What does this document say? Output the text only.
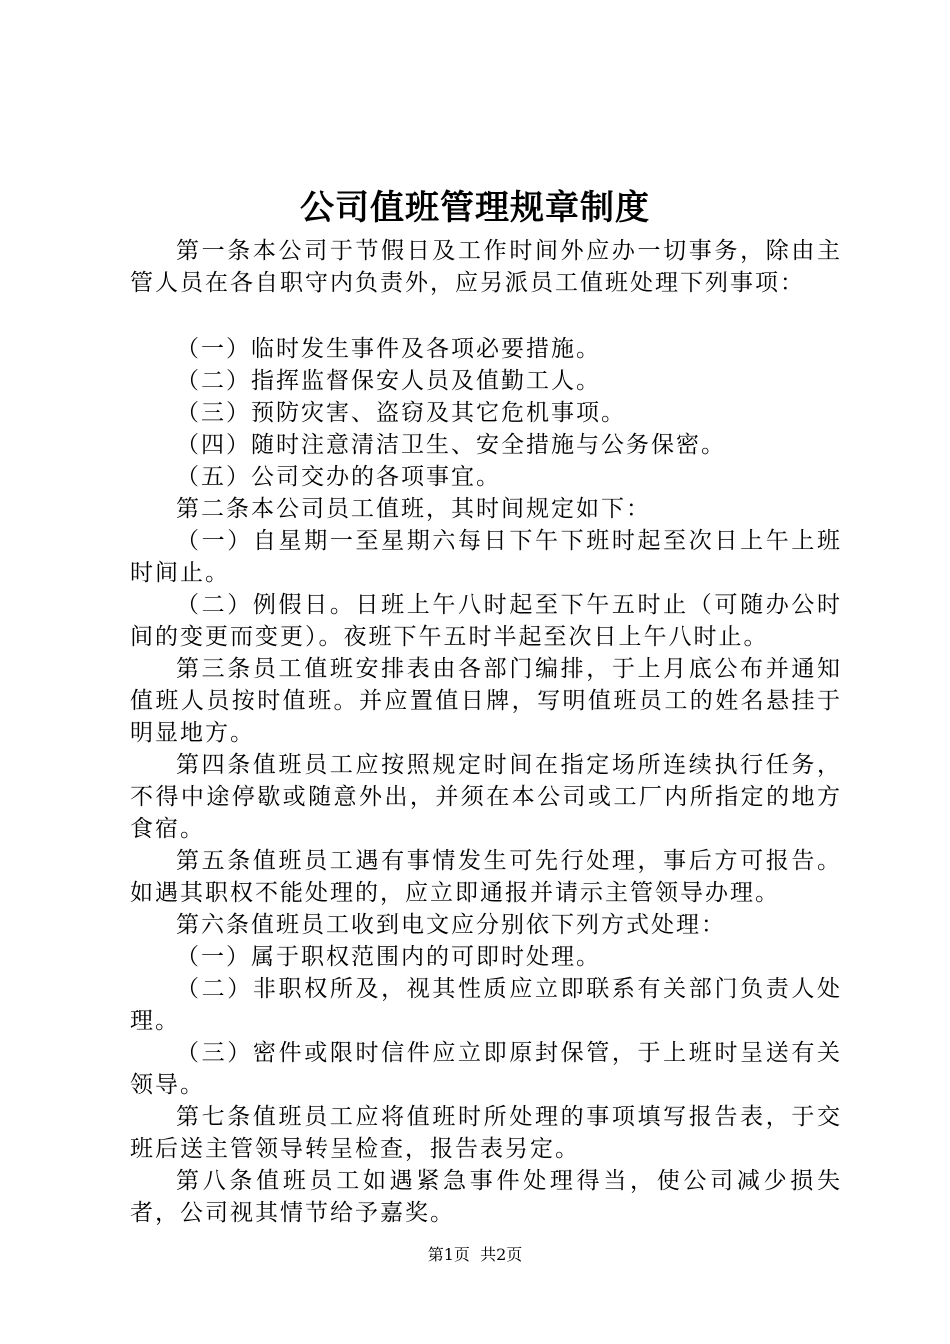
公司值班管理规章制度

第一条本公司于节假日及工作时间外应办一切事务，除由主管人员在各自职守内负责外，应另派员工值班处理下列事项：

（一）临时发生事件及各项必要措施。

（二）指挥监督保安人员及值勤工人。

（三）预防灾害、盗窃及其它危机事项。

（四）随时注意清洁卫生、安全措施与公务保密。

（五）公司交办的各项事宜。

第二条本公司员工值班，其时间规定如下：

（一）自星期一至星期六每日下午下班时起至次日上午上班时间止。

（二）例假日。日班上午八时起至下午五时止（可随办公时间的变更而变更）。夜班下午五时半起至次日上午八时止。

第三条员工值班安排表由各部门编排，于上月底公布并通知值班人员按时值班。并应置值日牌，写明值班员工的姓名悬挂于明显地方。

第四条值班员工应按照规定时间在指定场所连续执行任务，不得中途停歇或随意外出，并须在本公司或工厂内所指定的地方食宿。

第五条值班员工遇有事情发生可先行处理，事后方可报告。如遇其职权不能处理的，应立即通报并请示主管领导办理。

第六条值班员工收到电文应分别依下列方式处理：

（一）属于职权范围内的可即时处理。

（二）非职权所及，视其性质应立即联系有关部门负责人处理。

（三）密件或限时信件应立即原封保管，于上班时呈送有关领导。

第七条值班员工应将值班时所处理的事项填写报告表，于交班后送主管领导转呈检查，报告表另定。

第八条值班员工如遇紧急事件处理得当，使公司减少损失者，公司视其情节给予嘉奖。

第1页  共2页
